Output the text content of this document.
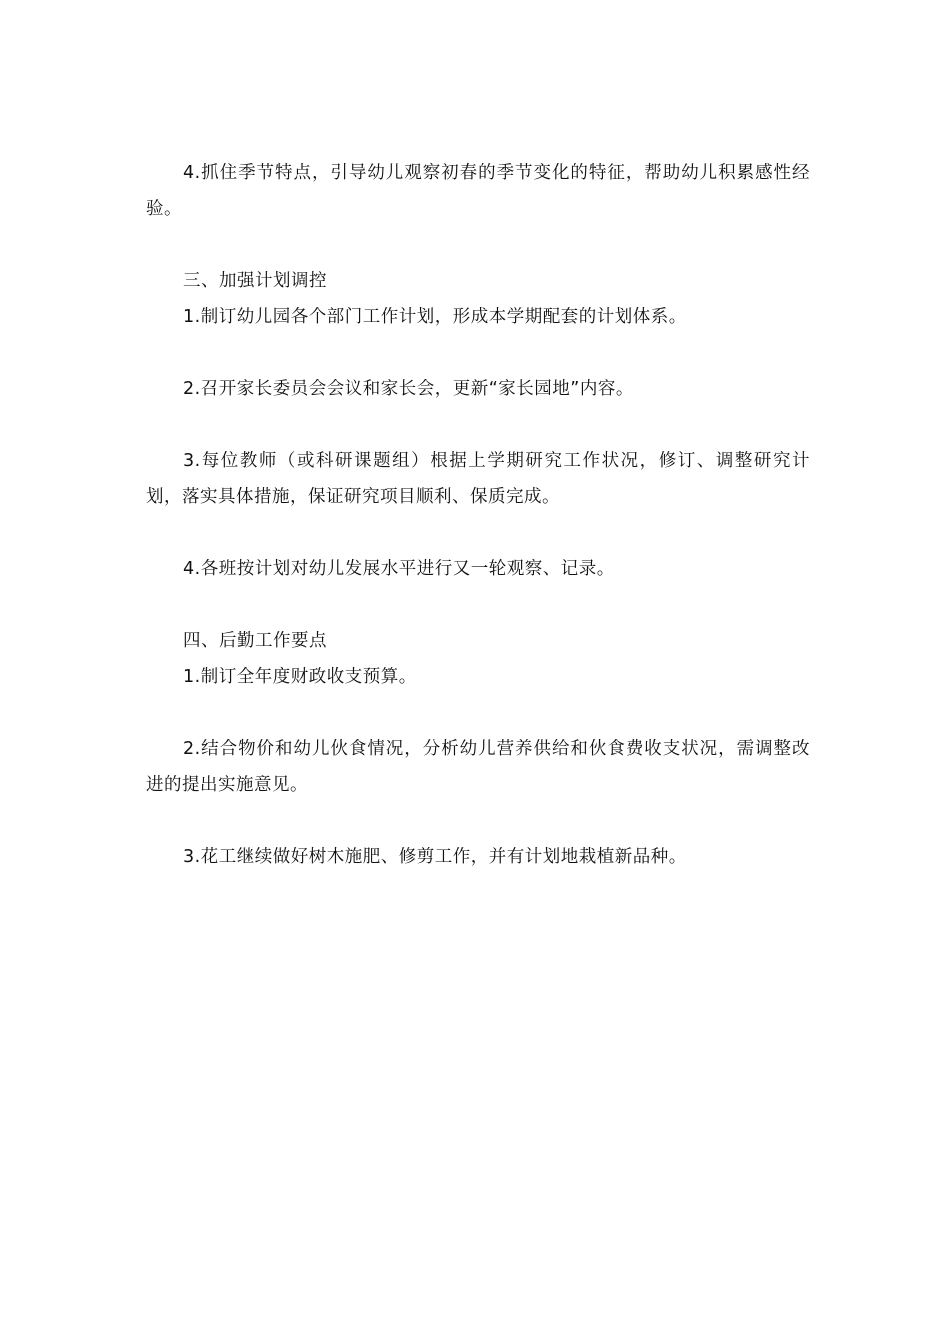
4.抓住季节特点，引导幼儿观察初春的季节变化的特征，帮助幼儿积累感性经验。

三、加强计划调控

1.制订幼儿园各个部门工作计划，形成本学期配套的计划体系。

2.召开家长委员会会议和家长会，更新“家长园地”内容。

3.每位教师（或科研课题组）根据上学期研究工作状况，修订、调整研究计划，落实具体措施，保证研究项目顺利、保质完成。

4.各班按计划对幼儿发展水平进行又一轮观察、记录。

四、后勤工作要点

1.制订全年度财政收支预算。

2.结合物价和幼儿伙食情况，分析幼儿营养供给和伙食费收支状况，需调整改进的提出实施意见。

3.花工继续做好树木施肥、修剪工作，并有计划地栽植新品种。
